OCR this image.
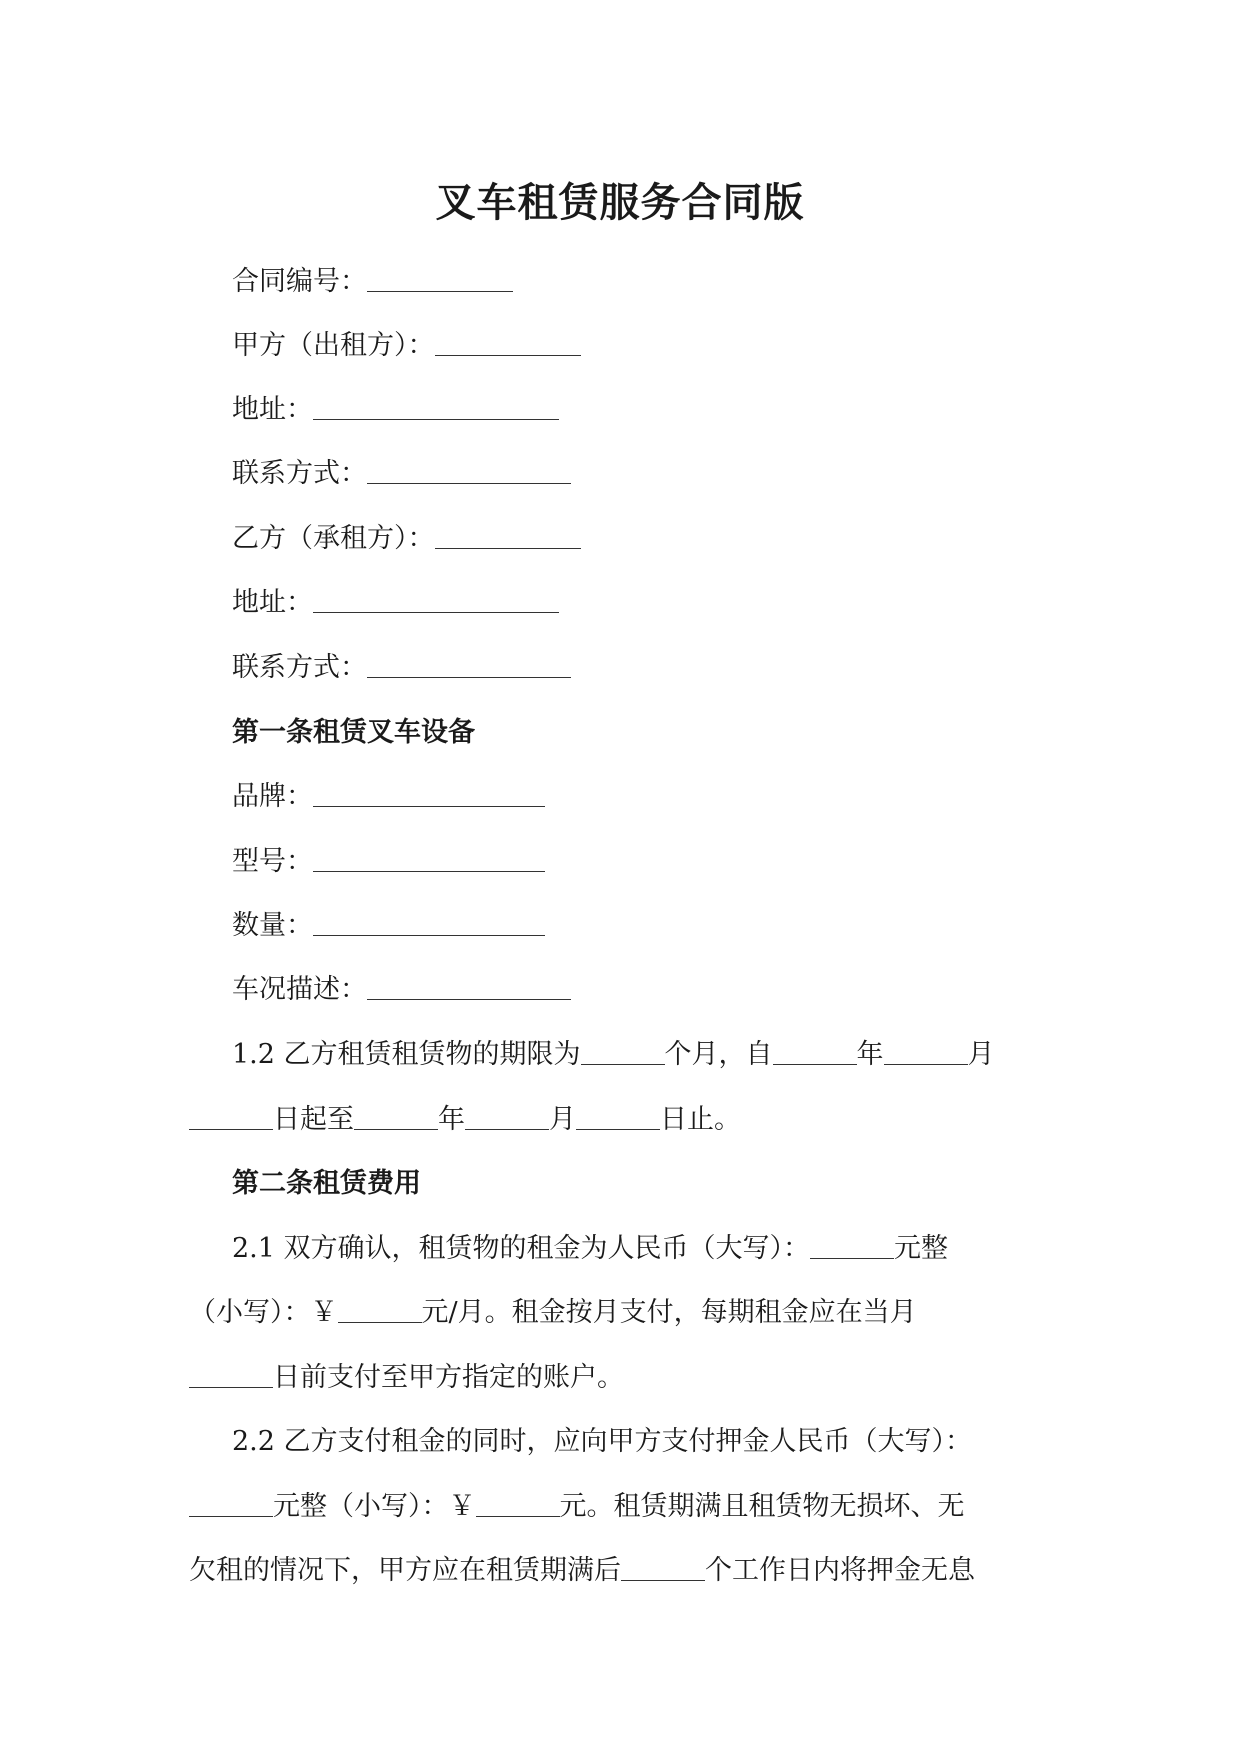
叉车租赁服务合同版
合同编号：
甲方（出租方）：
地址：
联系方式：
乙方（承租方）：
地址：
联系方式：
第一条租赁叉车设备
品牌：
型号：
数量：
车况描述：
1.2 乙方租赁租赁物的期限为	个月，自	年	月
日起至	年	月	日止。
第二条租赁费用
2.1 双方确认，租赁物的租金为人民币（大写）：	元整
（小写）：￥	元/月。租金按月支付，每期租金应在当月
日前支付至甲方指定的账户。
2.2 乙方支付租金的同时，应向甲方支付押金人民币（大写）：
元整（小写）：￥	元。租赁期满且租赁物无损坏、无
欠租的情况下，甲方应在租赁期满后	个工作日内将押金无息
